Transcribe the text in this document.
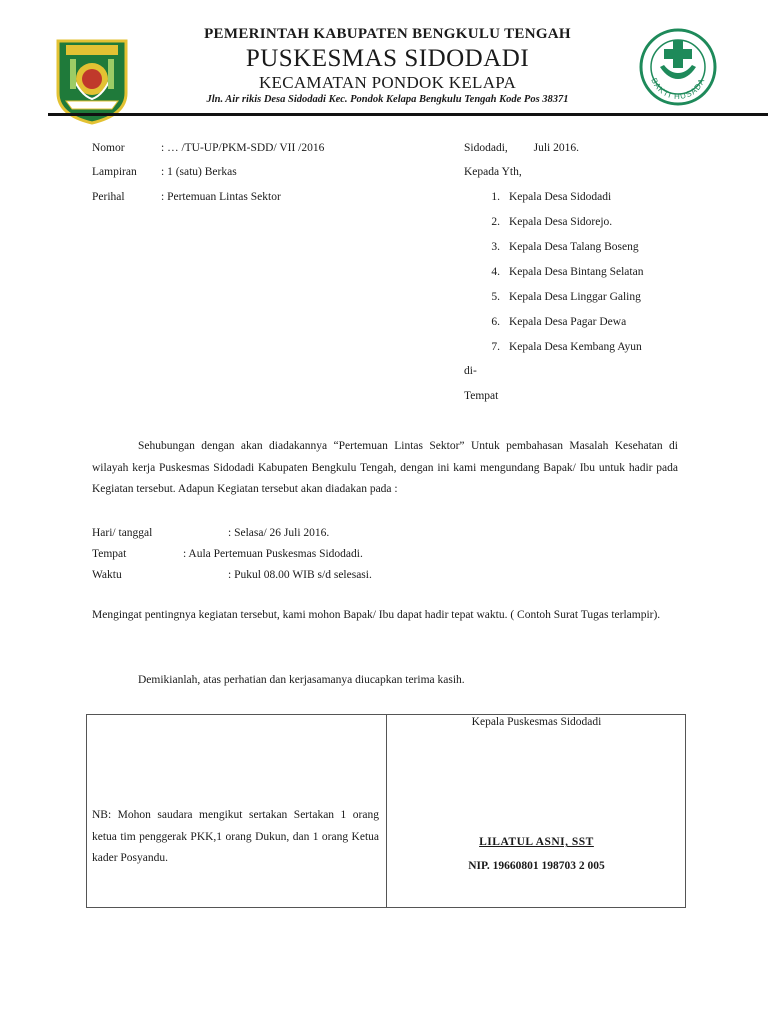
BAKTI HUSADA
PEMERINTAH KABUPATEN BENGKULU TENGAH
PUSKESMAS SIDODADI
KECAMATAN PONDOK KELAPA
Jln. Air rikis Desa Sidodadi Kec. Pondok Kelapa Bengkulu Tengah Kode Pos 38371
Nomor	: … /TU-UP/PKM-SDD/ VII /2016
Lampiran : 1 (satu) Berkas
Perihal	: Pertemuan Lintas Sektor
Sidodadi,         Juli 2016.
Kepada Yth,
1. Kepala Desa Sidodadi
2. Kepala Desa Sidorejo.
3. Kepala Desa Talang Boseng
4. Kepala Desa Bintang Selatan
5. Kepala Desa Linggar Galing
6. Kepala Desa Pagar Dewa
7. Kepala Desa Kembang Ayun
di-
Tempat

Sehubungan dengan akan diadakannya “Pertemuan Lintas Sektor” Untuk pembahasan Masalah Kesehatan di wilayah kerja Puskesmas Sidodadi Kabupaten Bengkulu Tengah, dengan ini kami mengundang Bapak/ Ibu untuk hadir pada Kegiatan tersebut. Adapun Kegiatan tersebut akan diadakan pada :

Hari/ tanggal	: Selasa/ 26 Juli 2016.
Tempat	: Aula Pertemuan Puskesmas Sidodadi.
Waktu	: Pukul 08.00 WIB s/d selesasi.

Mengingat pentingnya kegiatan tersebut, kami mohon Bapak/ Ibu dapat hadir tepat waktu. ( Contoh Surat Tugas terlampir).

Demikianlah, atas perhatian dan kerjasamanya diucapkan terima kasih.

NB: Mohon saudara mengikut sertakan Sertakan 1 orang ketua tim penggerak PKK,1 orang Dukun, dan 1 orang Ketua kader Posyandu.

Kepala Puskesmas Sidodadi
LILATUL ASNI, SST
NIP. 19660801 198703 2 005
